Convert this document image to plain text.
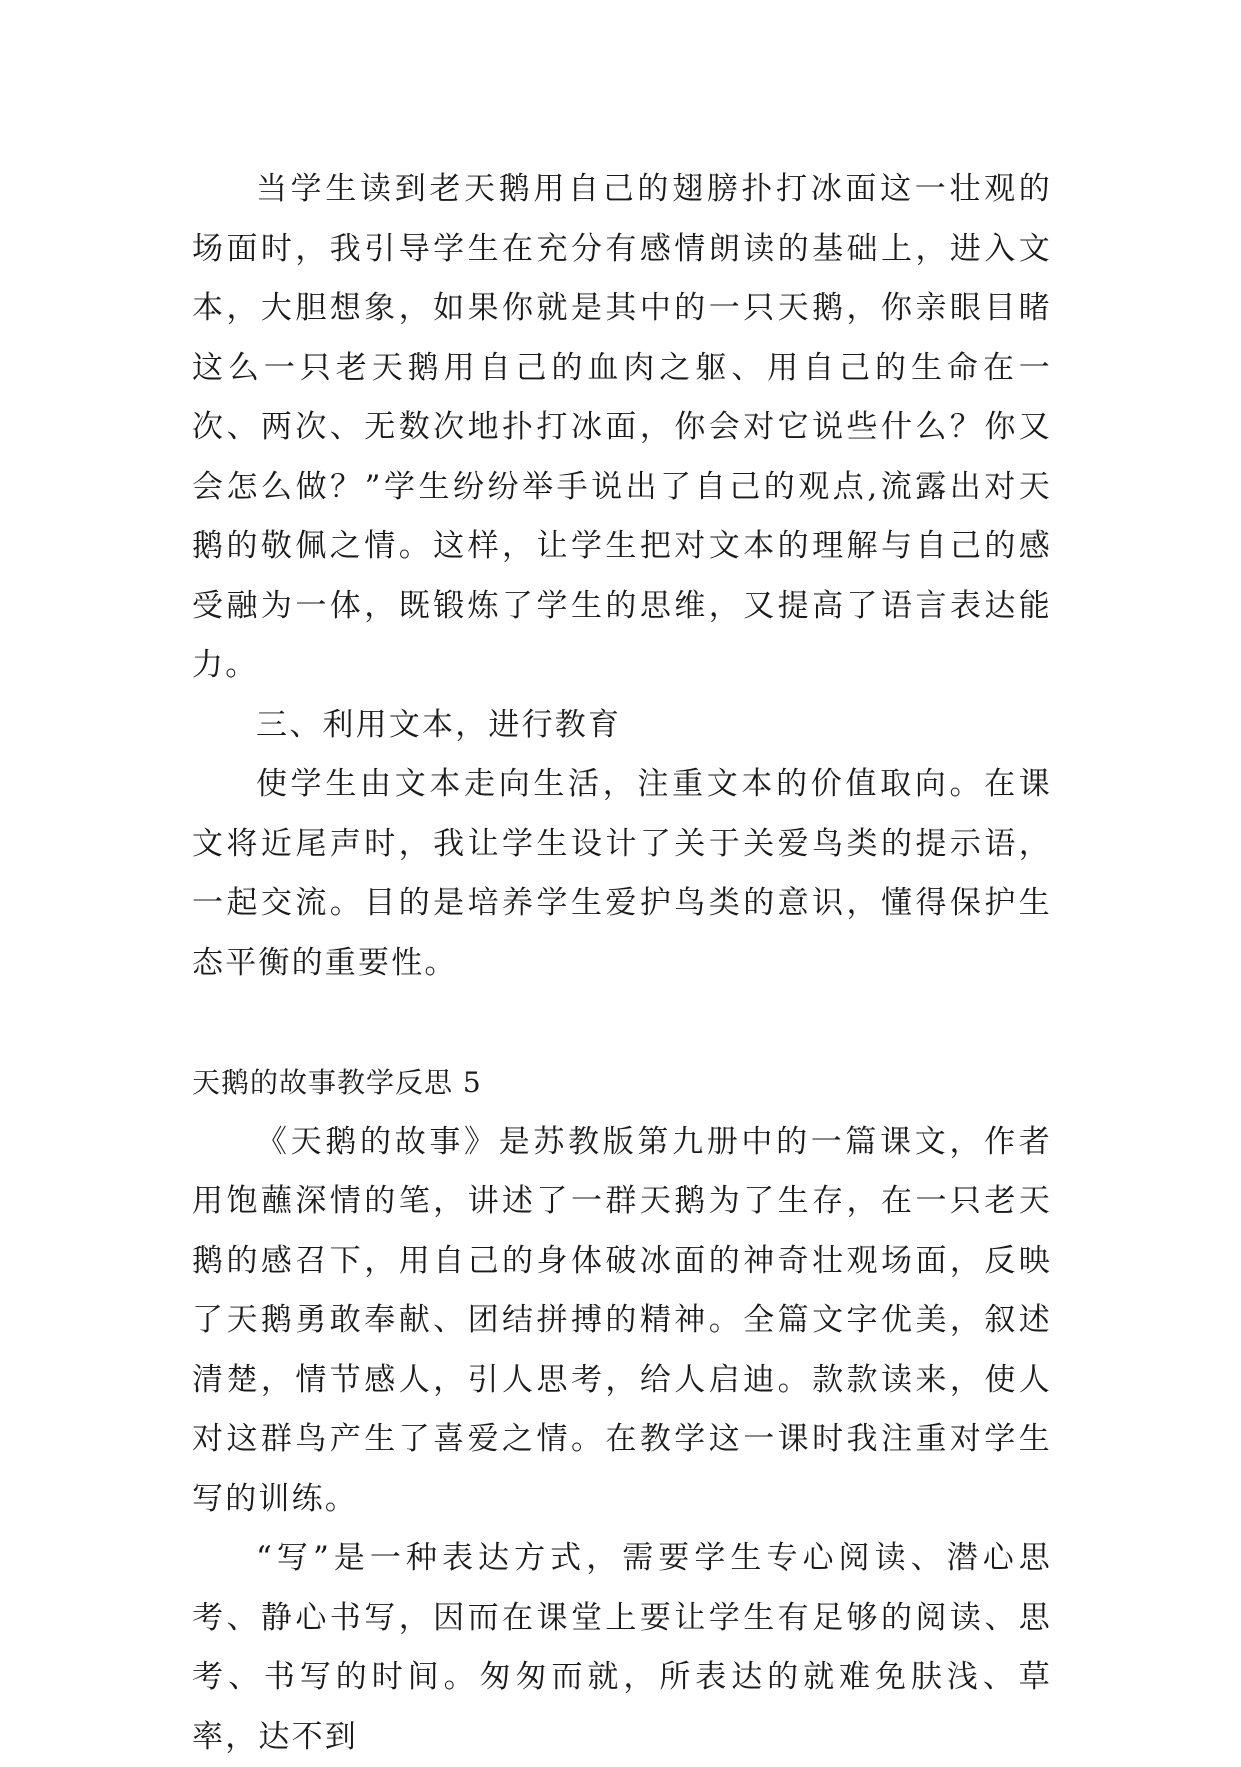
当学生读到老天鹅用自己的翅膀扑打冰面这一壮观的场面时，我引导学生在充分有感情朗读的基础上，进入文本，大胆想象，如果你就是其中的一只天鹅，你亲眼目睹这么一只老天鹅用自己的血肉之躯、用自己的生命在一次、两次、无数次地扑打冰面，你会对它说些什么？你又会怎么做？”学生纷纷举手说出了自己的观点,流露出对天鹅的敬佩之情。这样，让学生把对文本的理解与自己的感受融为一体，既锻炼了学生的思维，又提高了语言表达能力。

三、利用文本，进行教育

使学生由文本走向生活，注重文本的价值取向。在课文将近尾声时，我让学生设计了关于关爱鸟类的提示语，一起交流。目的是培养学生爱护鸟类的意识，懂得保护生态平衡的重要性。

天鹅的故事教学反思 5

《天鹅的故事》是苏教版第九册中的一篇课文，作者用饱蘸深情的笔，讲述了一群天鹅为了生存，在一只老天鹅的感召下，用自己的身体破冰面的神奇壮观场面，反映了天鹅勇敢奉献、团结拼搏的精神。全篇文字优美，叙述清楚，情节感人，引人思考，给人启迪。款款读来，使人对这群鸟产生了喜爱之情。在教学这一课时我注重对学生写的训练。

“写”是一种表达方式，需要学生专心阅读、潜心思考、静心书写，因而在课堂上要让学生有足够的阅读、思考、书写的时间。匆匆而就，所表达的就难免肤浅、草率，达不到
